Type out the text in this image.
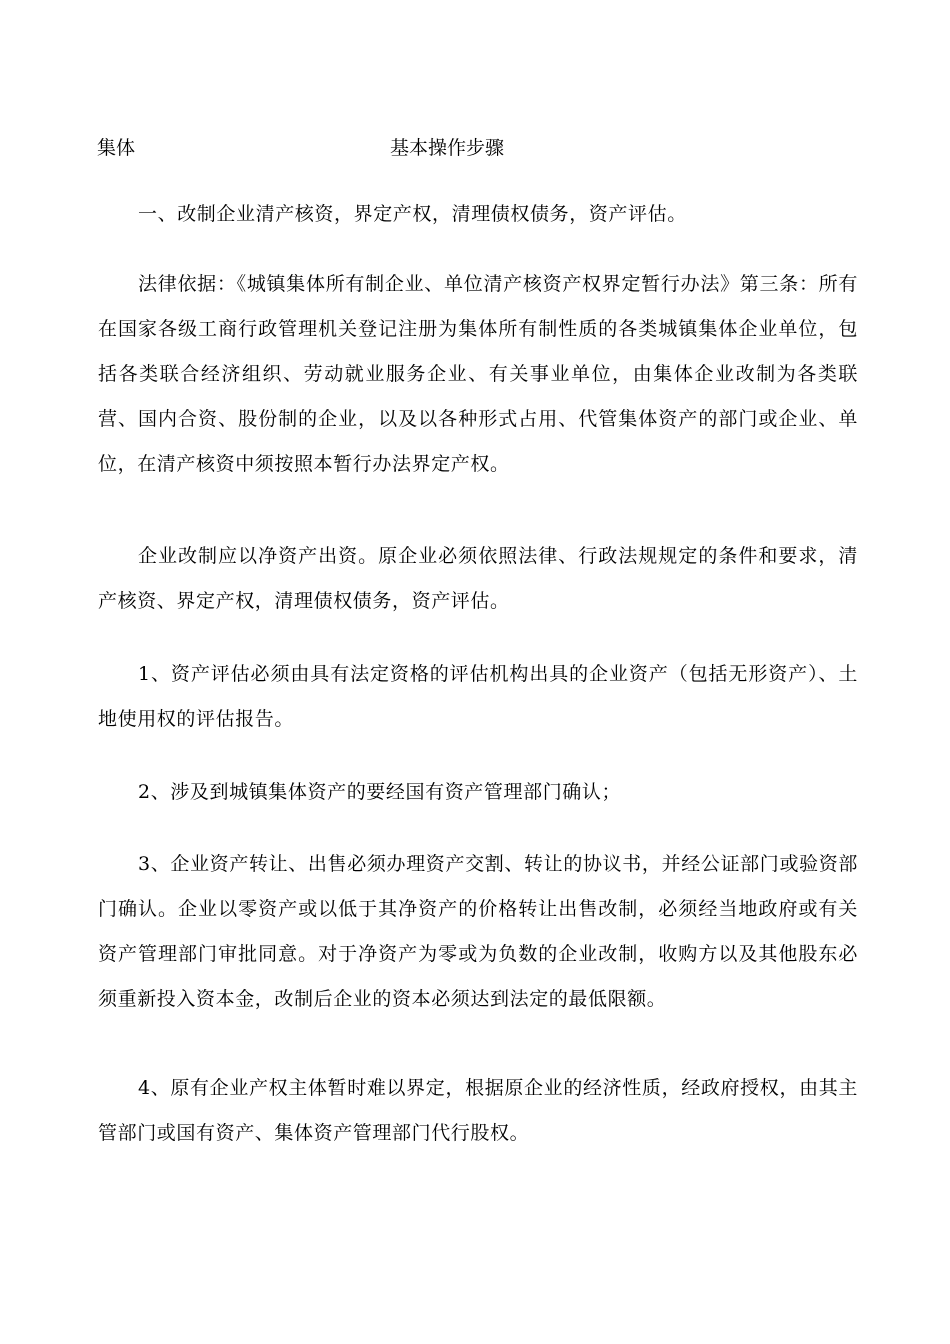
集体	基本操作步骤

一、改制企业清产核资，界定产权，清理债权债务，资产评估。

法律依据：《城镇集体所有制企业、单位清产核资产权界定暂行办法》第三条：所有在国家各级工商行政管理机关登记注册为集体所有制性质的各类城镇集体企业单位，包括各类联合经济组织、劳动就业服务企业、有关事业单位，由集体企业改制为各类联营、国内合资、股份制的企业，以及以各种形式占用、代管集体资产的部门或企业、单位，在清产核资中须按照本暂行办法界定产权。

企业改制应以净资产出资。原企业必须依照法律、行政法规规定的条件和要求，清产核资、界定产权，清理债权债务，资产评估。

1、资产评估必须由具有法定资格的评估机构出具的企业资产（包括无形资产）、土地使用权的评估报告。

2、涉及到城镇集体资产的要经国有资产管理部门确认；

3、企业资产转让、出售必须办理资产交割、转让的协议书，并经公证部门或验资部门确认。企业以零资产或以低于其净资产的价格转让出售改制，必须经当地政府或有关资产管理部门审批同意。对于净资产为零或为负数的企业改制，收购方以及其他股东必须重新投入资本金，改制后企业的资本必须达到法定的最低限额。

4、原有企业产权主体暂时难以界定，根据原企业的经济性质，经政府授权，由其主管部门或国有资产、集体资产管理部门代行股权。
